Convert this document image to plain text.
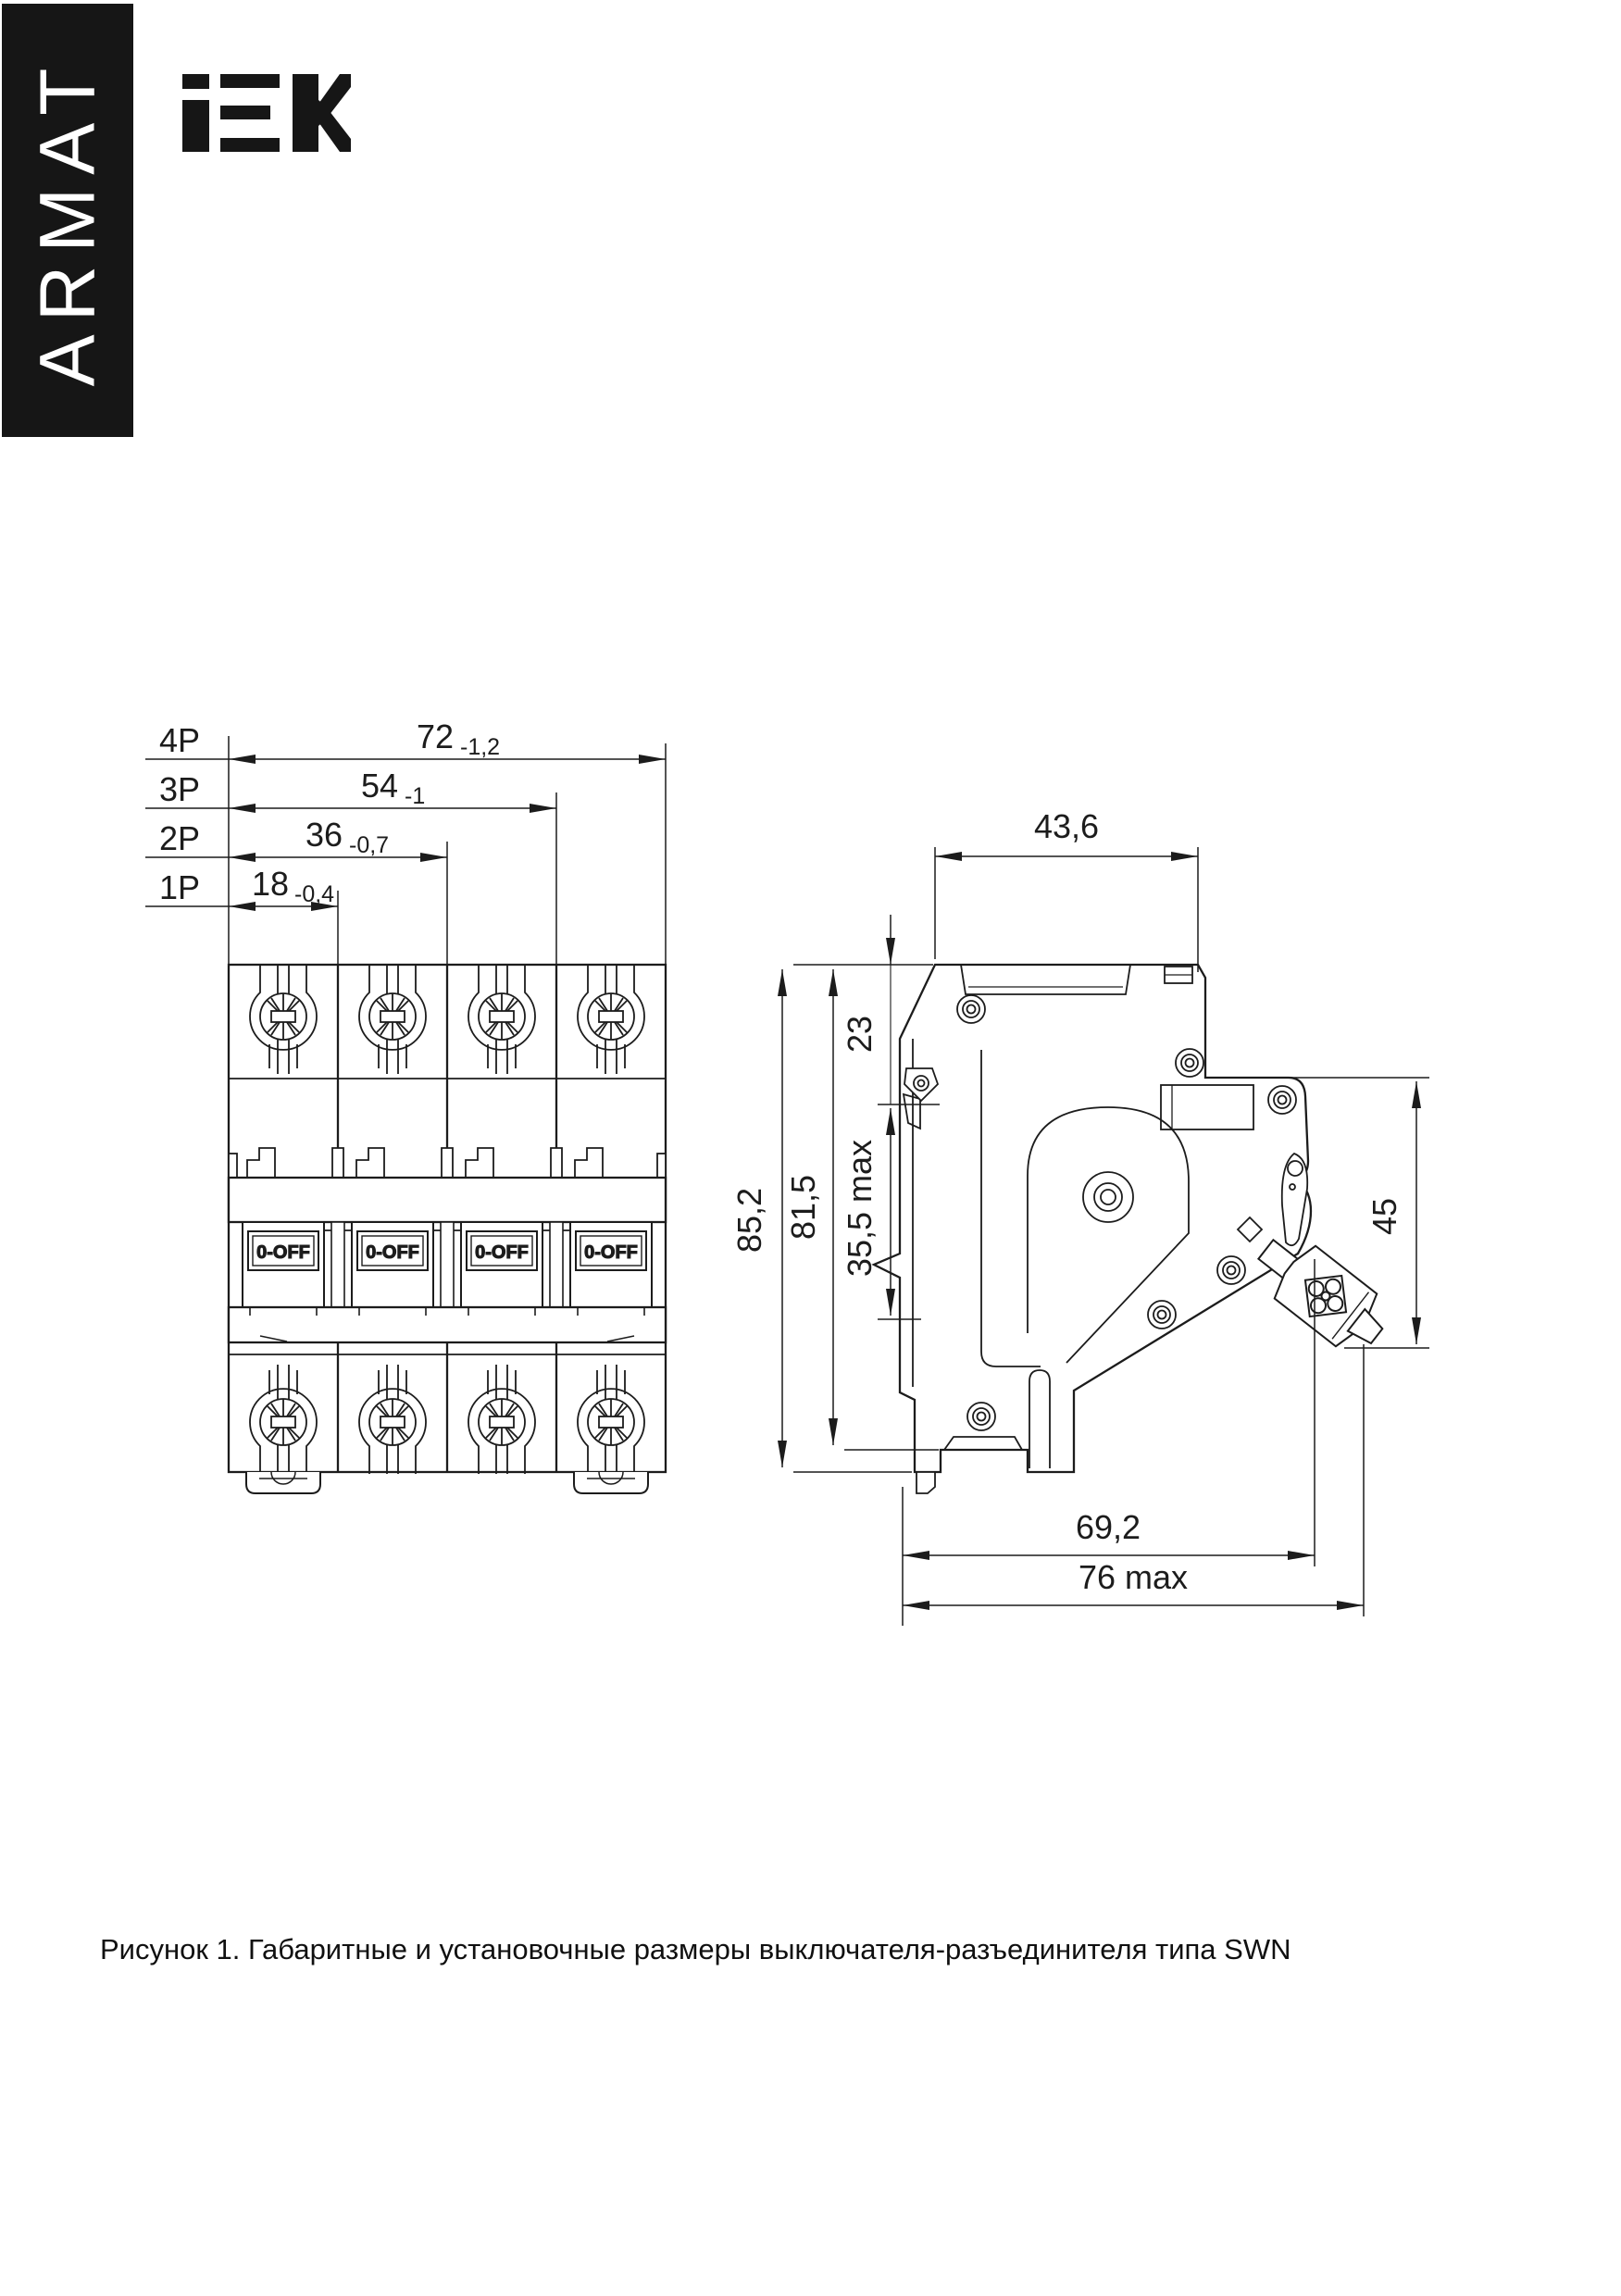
ARMAT
4P
3P
2P
1P
72 -1,2
54 -1
36 -0,7
18 -0,4
0-OFF	0-OFF	0-OFF	0-OFF
43,6
85,2 81,5
23
35,5 max	45
69,2
76 max
Рисунок 1. Габаритные и установочные размеры выключателя-разъединителя типа SWN
